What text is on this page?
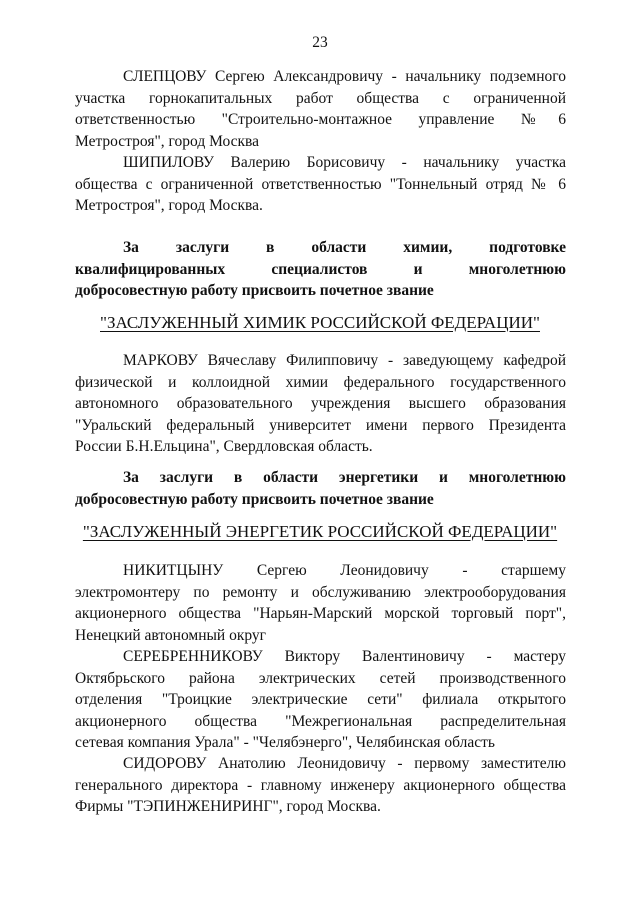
23
СЛЕПЦОВУ Сергею Александровичу - начальнику подземного
участка горнокапитальных работ общества с ограниченной
ответственностью "Строительно-монтажное управление №6
Метростроя", город Москва
ШИПИЛОВУ Валерию Борисовичу - начальнику участка
общества с ограниченной ответственностью "Тоннельный отряд № 6
Метростроя", город Москва.
За заслуги в области химии, подготовке
квалифицированных специалистов и многолетнюю
добросовестную работу присвоить почетное звание
"ЗАСЛУЖЕННЫЙ ХИМИК РОССИЙСКОЙ ФЕДЕРАЦИИ"
МАРКОВУ Вячеславу Филипповичу - заведующему кафедрой
физической и коллоидной химии федерального государственного
автономного образовательного учреждения высшего образования
"Уральский федеральный университет имени первого Президента
России Б.Н.Ельцина", Свердловская область.
За заслуги в области энергетики и многолетнюю
добросовестную работу присвоить почетное звание
"ЗАСЛУЖЕННЫЙ ЭНЕРГЕТИК РОССИЙСКОЙ ФЕДЕРАЦИИ"
НИКИТЦЫНУ Сергею Леонидовичу - старшему
электромонтеру по ремонту и обслуживанию электрооборудования
акционерного общества "Нарьян-Марский морской торговый порт",
Ненецкий автономный округ
СЕРЕБРЕННИКОВУ Виктору Валентиновичу - мастеру
Октябрьского района электрических сетей производственного
отделения "Троицкие электрические сети" филиала открытого
акционерного общества "Межрегиональная распределительная
сетевая компания Урала" - "Челябэнерго", Челябинская область
СИДОРОВУ Анатолию Леонидовичу - первому заместителю
генерального директора - главному инженеру акционерного общества
Фирмы "ТЭПИНЖЕНИРИНГ", город Москва.
